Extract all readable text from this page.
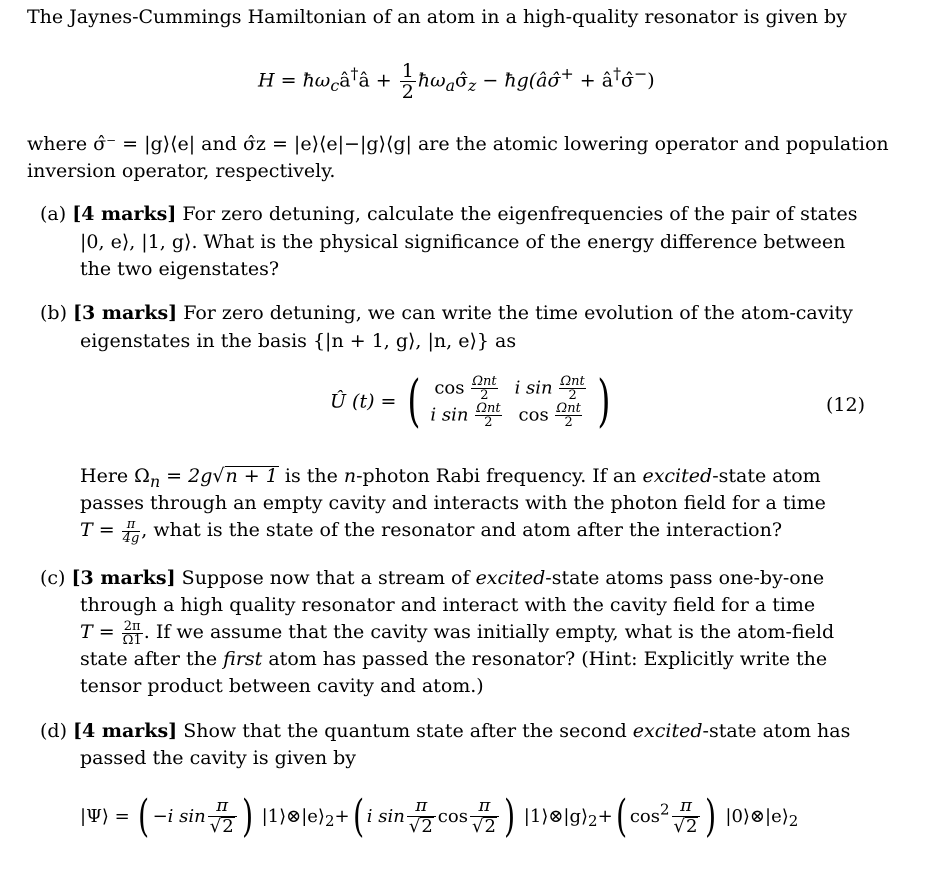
The Jaynes-Cummings Hamiltonian of an atom in a high-quality resonator is given by
$H = ħ\omega_câ^\dagger â + \frac{1}{2}$ $ħ\omega_a\sigmâ_z$ − ħg(âσ̂+ + â†σ̂−)
where σ̂⁻ = |g⟩⟨e| and σ̂z = |e⟩⟨e|−|g⟩⟨g| are the atomic lowering operator and population
inversion operator, respectively.
(a) [4 marks] For zero detuning, calculate the eigenfrequencies of the pair of states
|0, e⟩, |1, g⟩. What is the physical significance of the energy difference between
the two eigenstates?
(b) [3 marks] For zero detuning, we can write the time evolution of the atom-cavity
eigenstates in the basis {|n + 1, g⟩, |n, e⟩} as
Û (t) = ( $\cos \frac{\text{Ωnt}}{2}$	i $\sin \frac{\text{Ωnt}}{2}$

i $\sin \frac{\text{Ωnt}}{2}$	$\cos \frac{\text{Ωnt}}{2}$ )	(12)
Here $\Omega_n = 2g√n + 1$ is the n-photon Rabi frequency. If an excited-state atom
passes through an empty cavity and interacts with the photon field for a time
$T = \frac{\pi}{4g}$ , what is the state of the resonator and atom after the interaction?
(c) [3 marks] Suppose now that a stream of excited-state atoms pass one-by-one
through a high quality resonator and interact with the cavity field for a time
$T = \frac{2\pi}{\Omega 1}$ . If we assume that the cavity was initially empty, what is the atom-field
state after the first atom has passed the resonator? (Hint: Explicitly write the
tensor product between cavity and atom.)
(d) [4 marks] Show that the quantum state after the second excited-state atom has
passed the cavity is given by
|Ψ⟩ = ( −i $\sin \frac{\pi}{√2}$ ) $|1⟩\otimes|e⟩_2+$( i $\sin \frac{\pi}{√2}$ $\cos \frac{\pi}{√2}$ ) $|1⟩\otimes|g⟩_2+$( $\cos^2 \frac{\pi}{√2}$ ) $|0⟩\otimes|e⟩_2$
